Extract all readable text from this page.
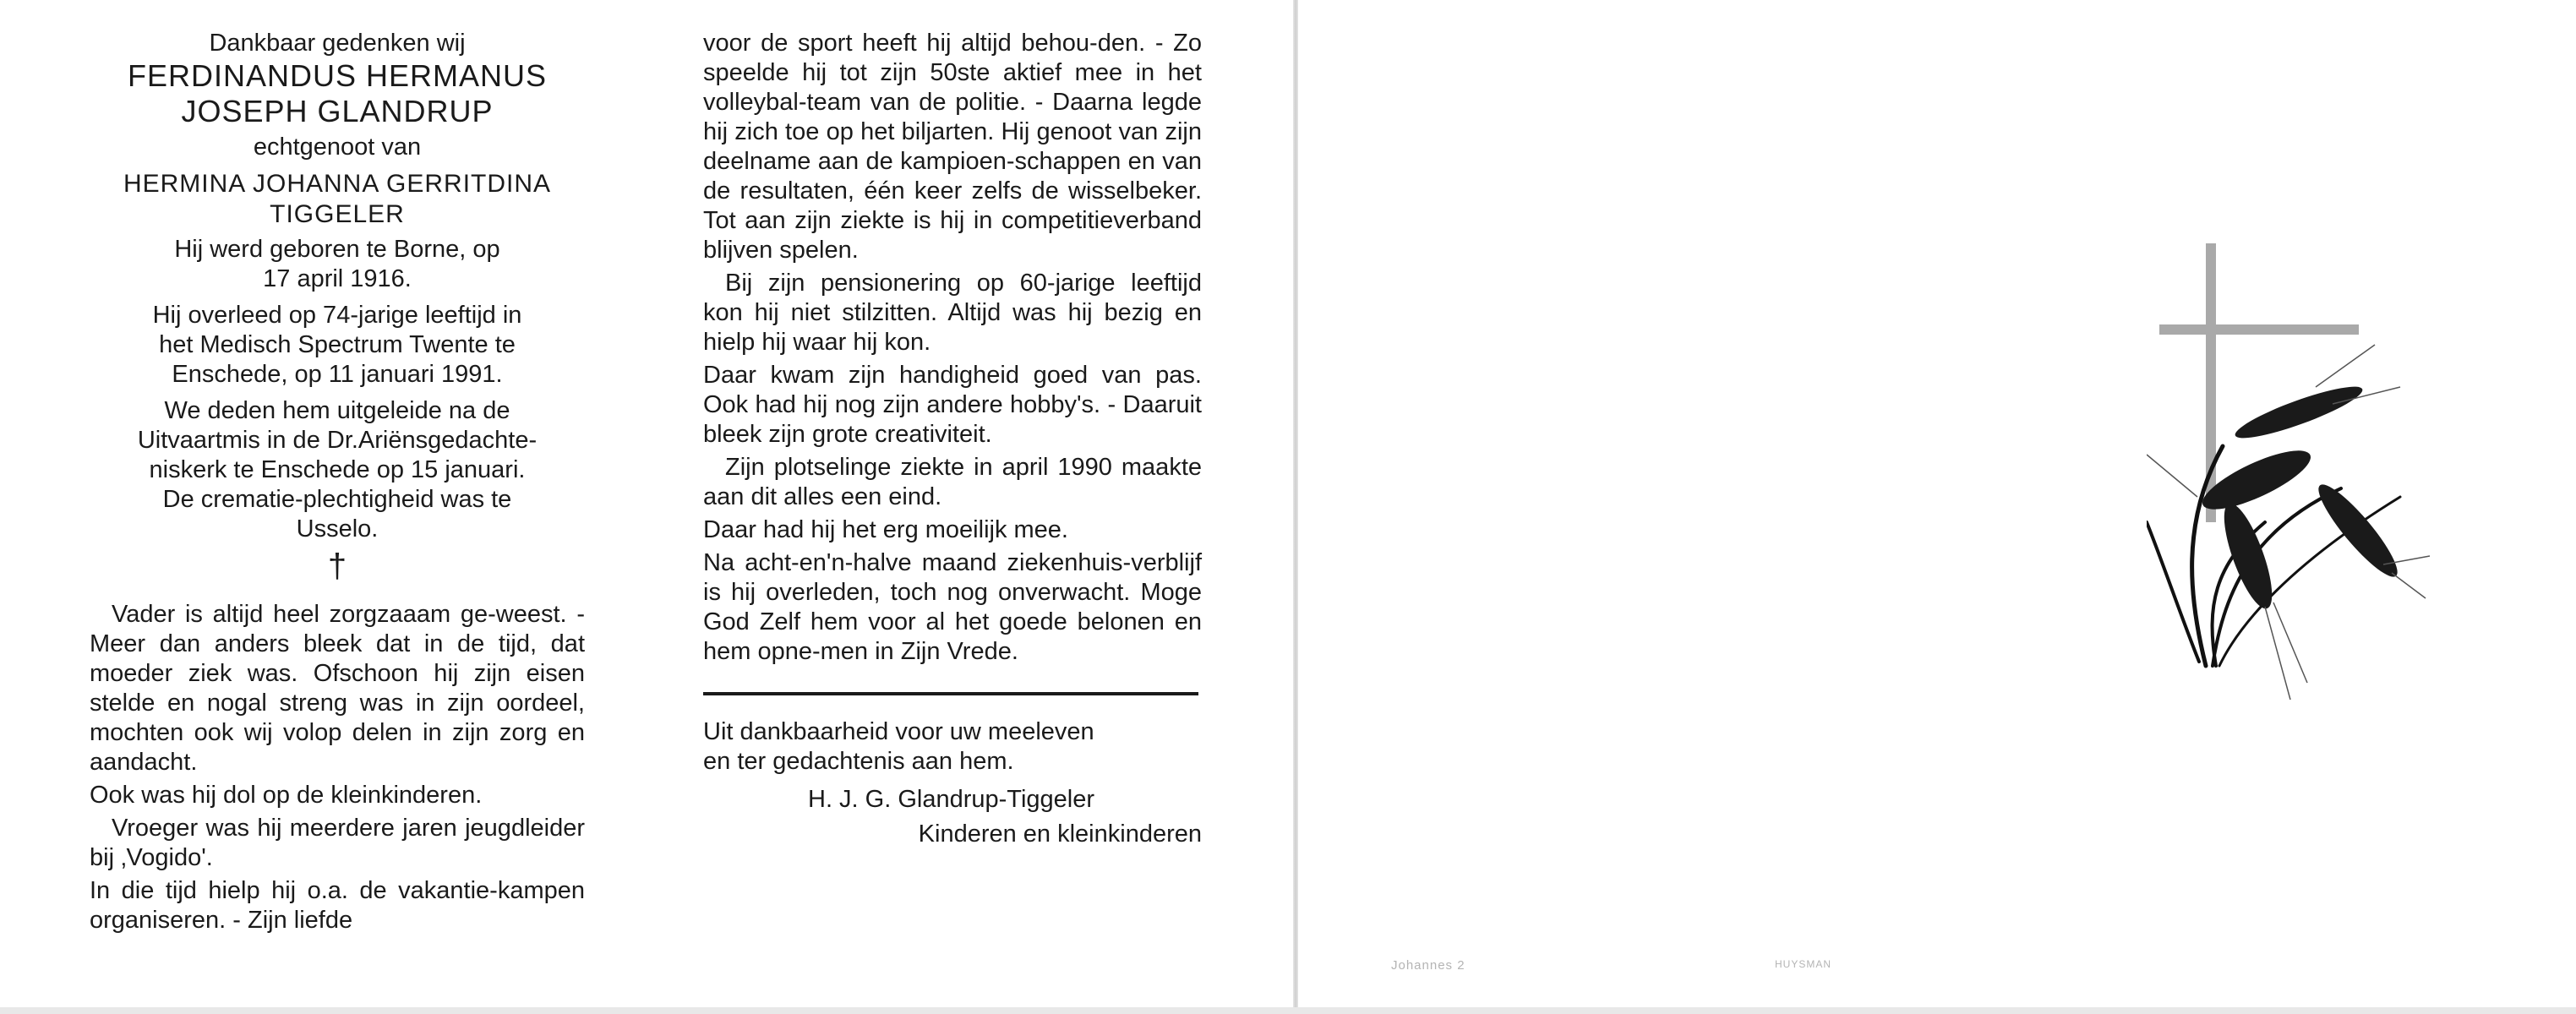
Dankbaar gedenken wij
FERDINANDUS HERMANUS
JOSEPH GLANDRUP
echtgenoot van
HERMINA JOHANNA GERRITDINA
TIGGELER
Hij werd geboren te Borne, op
17 april 1916.
Hij overleed op 74-jarige leeftijd in
het Medisch Spectrum Twente te
Enschede, op 11 januari 1991.
We deden hem uitgeleide na de
Uitvaartmis in de Dr.Ariënsgedachte-
niskerk te Enschede op 15 januari.
De crematie-plechtigheid was te
Usselo.
†

Vader is altijd heel zorgzaaam ge-weest. - Meer dan anders bleek dat in de tijd, dat moeder ziek was. Ofschoon hij zijn eisen stelde en nogal streng was in zijn oordeel, mochten ook wij volop delen in zijn zorg en aandacht.

Ook was hij dol op de kleinkinderen.

Vroeger was hij meerdere jaren jeugdleider bij ‚Vogido'.

In die tijd hielp hij o.a. de vakantie-kampen organiseren. - Zijn liefde

voor de sport heeft hij altijd behou-den. - Zo speelde hij tot zijn 50ste aktief mee in het volleybal-team van de politie. - Daarna legde hij zich toe op het biljarten. Hij genoot van zijn deelname aan de kampioen-schappen en van de resultaten, één keer zelfs de wisselbeker. Tot aan zijn ziekte is hij in competitieverband blijven spelen.

Bij zijn pensionering op 60-jarige leeftijd kon hij niet stilzitten. Altijd was hij bezig en hielp hij waar hij kon.

Daar kwam zijn handigheid goed van pas. Ook had hij nog zijn andere hobby's. - Daaruit bleek zijn grote creativiteit.

Zijn plotselinge ziekte in april 1990 maakte aan dit alles een eind.

Daar had hij het erg moeilijk mee.

Na acht-en'n-halve maand ziekenhuis-verblijf is hij overleden, toch nog onverwacht. Moge God Zelf hem voor al het goede belonen en hem opne-men in Zijn Vrede.

Uit dankbaarheid voor uw meeleven
en ter gedachtenis aan hem.
H. J. G. Glandrup-Tiggeler
Kinderen en kleinkinderen
Johannes 2	HUYSMAN
